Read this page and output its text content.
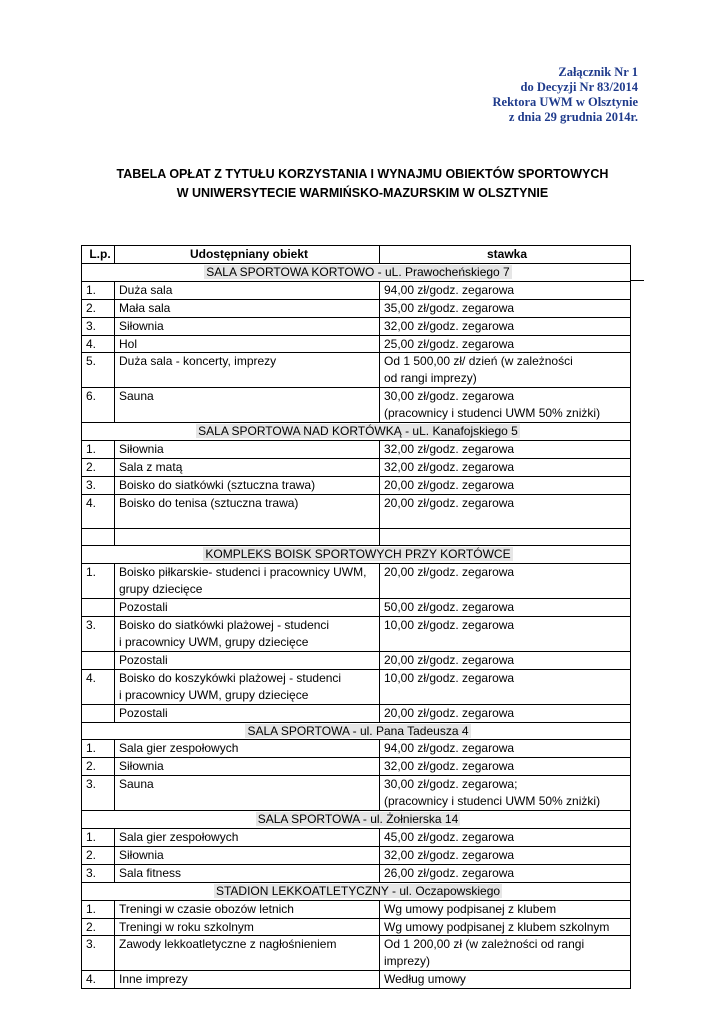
Załącznik Nr 1
do Decyzji Nr 83/2014
Rektora UWM w Olsztynie
z dnia 29 grudnia 2014r.
TABELA OPŁAT Z TYTUŁU KORZYSTANIA I WYNAJMU OBIEKTÓW SPORTOWYCH
W UNIWERSYTECIE WARMIŃSKO-MAZURSKIM W OLSZTYNIE
L.p.	Udostępniany obiekt	stawka
SALA SPORTOWA KORTOWO - uL. Prawocheńskiego 7		
1.	Duża sala	94,00 zł/godz. zegarowa

2.	Mała sala	35,00 zł/godz. zegarowa

3.	Siłownia	32,00 zł/godz. zegarowa

4.	Hol	25,00 zł/godz. zegarowa

5.	Duża sala - koncerty, imprezy	Od 1 500,00 zł/ dzień (w zależności
od rangi imprezy)

6.	Sauna	30,00 zł/godz. zegarowa
(pracownicy i studenci UWM 50% zniżki)

SALA SPORTOWA NAD KORTÓWKĄ - uL. Kanafojskiego 5		
1.	Siłownia	32,00 zł/godz. zegarowa

2.	Sala z matą	32,00 zł/godz. zegarowa

3.	Boisko do siatkówki (sztuczna trawa)	20,00 zł/godz. zegarowa

4.	Boisko do tenisa (sztuczna trawa)	20,00 zł/godz. zegarowa

KOMPLEKS BOISK SPORTOWYCH PRZY KORTÓWCE		
1.	Boisko piłkarskie- studenci i pracownicy UWM,
grupy dziecięce	20,00 zł/godz. zegarowa

	Pozostali	50,00 zł/godz. zegarowa

3.	Boisko do siatkówki plażowej - studenci
i pracownicy UWM, grupy dziecięce	10,00 zł/godz. zegarowa

	Pozostali	20,00 zł/godz. zegarowa

4.	Boisko do koszykówki plażowej - studenci
i pracownicy UWM, grupy dziecięce	10,00 zł/godz. zegarowa

	Pozostali	20,00 zł/godz. zegarowa

SALA SPORTOWA - ul. Pana Tadeusza 4		
1.	Sala gier zespołowych	94,00 zł/godz. zegarowa

2.	Siłownia	32,00 zł/godz. zegarowa

3.	Sauna	30,00 zł/godz. zegarowa;
(pracownicy i studenci UWM 50% zniżki)

SALA SPORTOWA - ul. Żołnierska 14		
1.	Sala gier zespołowych	45,00 zł/godz. zegarowa

2.	Siłownia	32,00 zł/godz. zegarowa

3.	Sala fitness	26,00 zł/godz. zegarowa

STADION LEKKOATLETYCZNY - ul. Oczapowskiego		
1.	Treningi w czasie obozów letnich	Wg umowy podpisanej z klubem

2.	Treningi w roku szkolnym	Wg umowy podpisanej z klubem szkolnym

3.	Zawody lekkoatletyczne z nagłośnieniem	Od 1 200,00 zł (w zależności od rangi
imprezy)

4.	Inne imprezy	Według umowy
